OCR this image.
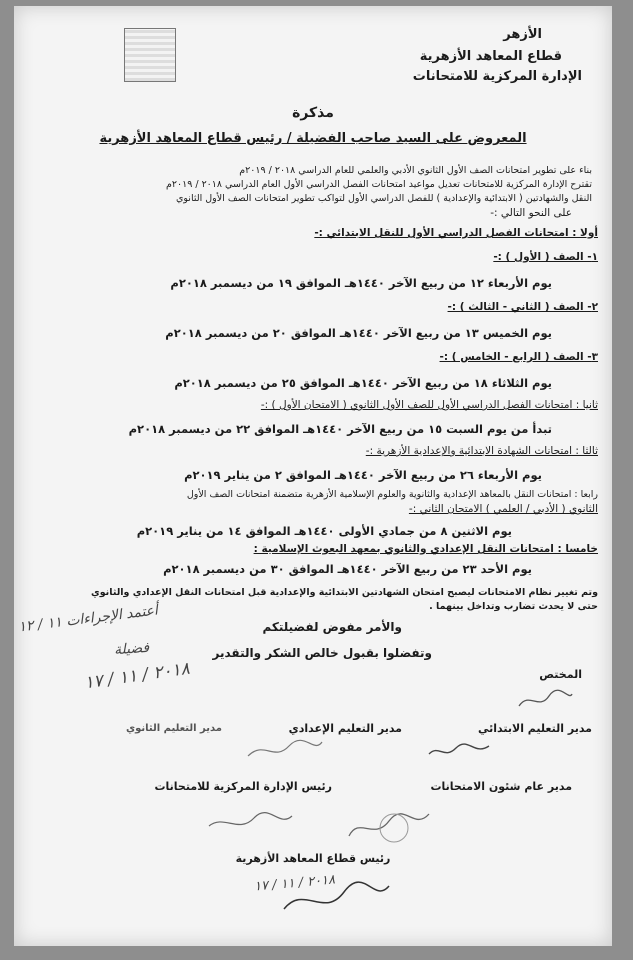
الأزهر
قطاع المعاهد الأزهرية
الإدارة المركزية للامتحانات
مذكرة
المعروض على السيد صاحب الفضيلة / رئيس قطاع المعاهد الأزهرية
بناء على تطوير امتحانات الصف الأول الثانوي الأدبي والعلمي للعام الدراسي ٢٠١٨ / ٢٠١٩م
تقترح الإدارة المركزية للامتحانات تعديل مواعيد امتحانات الفصل الدراسي الأول العام الدراسي ٢٠١٨ / ٢٠١٩م
النقل والشهادتين ( الابتدائية والإعدادية ) للفصل الدراسي الأول لتواكب تطوير امتحانات الصف الأول الثانوي
على النحو التالي :-
أولا : امتحانات الفصل الدراسي الأول للنقل الابتدائي :-
١- الصف ( الأول ) :-
يوم الأربعاء ١٢ من ربيع الآخر ١٤٤٠هـ الموافق ١٩ من ديسمبر ٢٠١٨م
٢- الصف ( الثاني - الثالث ) :-
يوم الخميس ١٣ من ربيع الآخر ١٤٤٠هـ الموافق ٢٠ من ديسمبر ٢٠١٨م
٣- الصف ( الرابع - الخامس ) :-
يوم الثلاثاء ١٨ من ربيع الآخر ١٤٤٠هـ الموافق ٢٥ من ديسمبر ٢٠١٨م
ثانيا : امتحانات الفصل الدراسي الأول للصف الأول الثانوي ( الامتحان الأول ) :-
تبدأ من يوم السبت ١٥ من ربيع الآخر ١٤٤٠هـ الموافق ٢٢ من ديسمبر ٢٠١٨م
ثالثا : امتحانات الشهادة الابتدائية والإعدادية الأزهرية :-
يوم الأربعاء ٢٦ من ربيع الآخر ١٤٤٠هـ الموافق ٢ من يناير ٢٠١٩م
رابعا : امتحانات النقل بالمعاهد الإعدادية والثانوية والعلوم الإسلامية الأزهرية متضمنة امتحانات الصف الأول
الثانوي ( الأدبي / العلمي ) الامتحان الثاني :-
يوم الاثنين ٨ من جمادي الأولى ١٤٤٠هـ الموافق ١٤ من يناير ٢٠١٩م
خامسا : امتحانات النقل الإعدادي والثانوي بمعهد البعوث الإسلامية :
يوم الأحد ٢٣ من ربيع الآخر ١٤٤٠هـ الموافق ٣٠ من ديسمبر ٢٠١٨م
وتم تغيير نظام الامتحانات ليصبح امتحان الشهادتين الابتدائية والإعدادية قبل امتحانات النقل الإعدادي والثانوي
حتى لا يحدث تضارب وتداخل بينهما .
والأمر مفوض لفضيلتكم
وتفضلوا بقبول خالص الشكر والتقدير
أعتمد الإجراءات ١١ / ١٢
فضيلة
٢٠١٨ / ١١ / ١٧	المختص
مدير التعليم الابتدائي
مدير التعليم الإعدادي
مدير التعليم الثانوي
مدير عام شئون الامتحانات
رئيس الإدارة المركزية للامتحانات
رئيس قطاع المعاهد الأزهرية
٢٠١٨ / ١١ / ١٧
